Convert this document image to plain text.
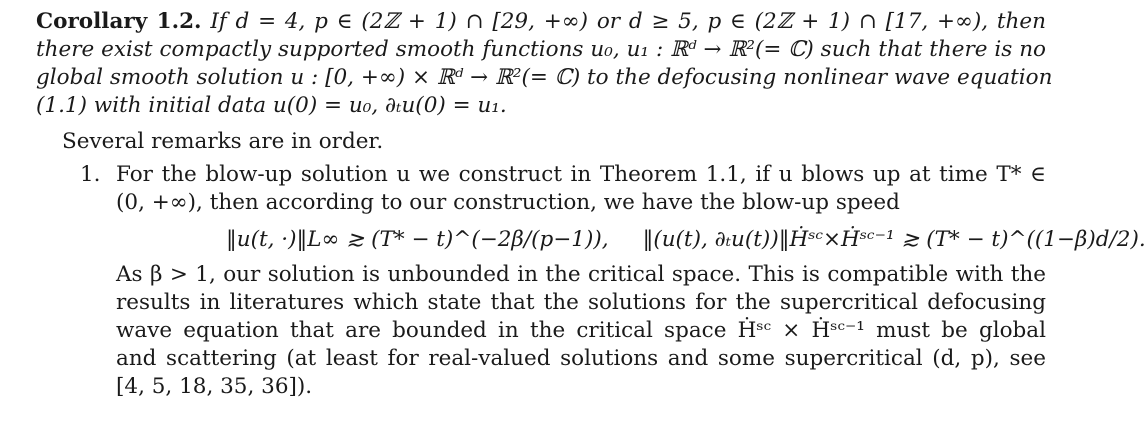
Corollary 1.2. If d = 4, p ∈ (2ℤ + 1) ∩ [29, +∞) or d ≥ 5, p ∈ (2ℤ + 1) ∩ [17, +∞), then
there exist compactly supported smooth functions u₀, u₁ : ℝᵈ → ℝ²(= ℂ) such that there is no
global smooth solution u : [0, +∞) × ℝᵈ → ℝ²(= ℂ) to the defocusing nonlinear wave equation
(1.1) with initial data u(0) = u₀, ∂ₜu(0) = u₁.
Several remarks are in order.
1. For the blow-up solution u we construct in Theorem 1.1, if u blows up at time T* ∈
(0, +∞), then according to our construction, we have the blow-up speed
‖u(t, ·)‖L∞ ≳ (T* − t)^(−2β/(p−1)), ‖(u(t), ∂ₜu(t))‖Ḣˢᶜ×Ḣˢᶜ⁻¹ ≳ (T* − t)^((1−β)d/2).
As β > 1, our solution is unbounded in the critical space. This is compatible with the
results in literatures which state that the solutions for the supercritical defocusing
wave equation that are bounded in the critical space Ḣˢᶜ × Ḣˢᶜ⁻¹ must be global
and scattering (at least for real-valued solutions and some supercritical (d, p), see
[4, 5, 18, 35, 36]).
